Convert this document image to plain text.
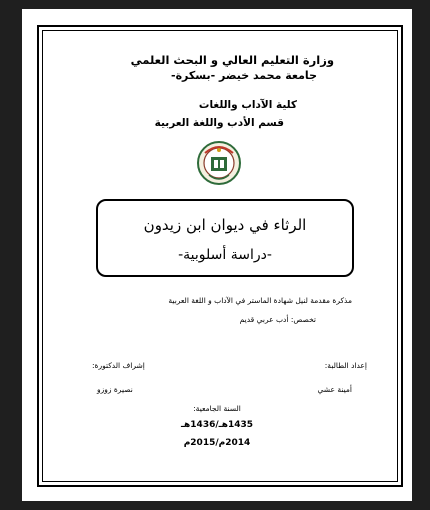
وزارة التعليم العالي و البحث العلمي
جامعة محمد خيضر -بسكرة-
كلية الآداب واللغات
قسم الأدب واللغة العربية
الرثاء في ديوان ابن زيدون
-دراسة أسلوبية-
مذكرة مقدمة لنيل شهادة الماستر في الآداب و اللغة العربية
تخصص: أدب عربي قديم
إعداد الطالبة:
أمينة عشي
إشراف الدكتورة:
نصيرة زوزو
السنة الجامعية:
1435هـ/1436هـ
2014م/2015م
